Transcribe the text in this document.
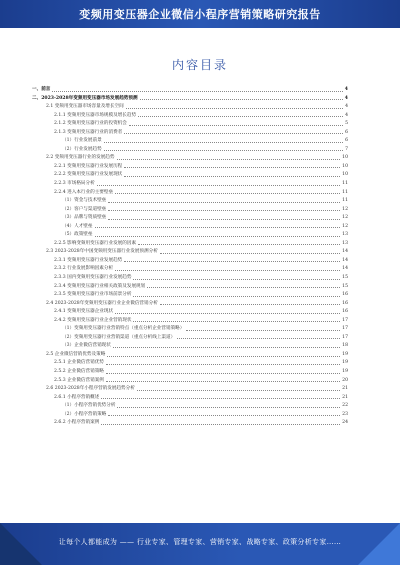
变频用变压器企业微信小程序营销策略研究报告
内容目录
一、前言	4
二、2023-2028年变频用变压器市场发展趋势预测	4
2.1 变频用变压器市场容量及增长空间	4
2.1.1 变频用变压器市场规模及增长趋势	4
2.1.2 变频用变压器行业的投资机会	5
2.1.3 变频用变压器行业的消费者	6
（1）行业发展前景	6
（2）行业发展趋势	7
2.2 变频用变压器行业的发展趋势	10
2.2.1 变频用变压器行业发展历程	10
2.2.2 变频用变压器行业发展现状	10
2.2.3 市场格局分析	11
2.2.4 进入本行业的主要壁垒	11
（1）资金与技术壁垒	11
（2）客户与渠道壁垒	12
（3）品牌与资质壁垒	12
（4）人才壁垒	12
（5）政策壁垒	13
2.2.5 影响变频用变压器行业发展的因素	13
2.3 2023-2028年中国变频用变压器行业发展预测分析	14
2.3.1 变频用变压器行业发展趋势	14
2.3.2 行业发展影响因素分析	14
2.3.3 国内变频用变压器行业发展趋势	15
2.3.4 变频用变压器行业相关政策及发展规划	15
2.3.5 变频用变压器行业市场前景分析	16
2.4 2023-2028年变频用变压器行业企业微信营销分析	16
2.4.1 变频用变压器企业现状	16
2.4.2 变频用变压器行业企业营销现状	17
（1）变频用变压器行业营销特点（重点分析企业营销策略）	17
（2）变频用变压器行业营销渠道（重点分析线上渠道）	17
（3）企业微信营销现状	18
2.5 企业微信营销优势及策略	19
2.5.1 企业微信营销优势	19
2.5.2 企业微信营销策略	19
2.5.3 企业微信营销案例	20
2.6 2023-2028年小程序营销发展趋势分析	21
2.6.1 小程序营销概述	21
（1）小程序营销优势分析	22
（2）小程序营销策略	23
2.6.2 小程序营销案例	24
让每个人都能成为 —— 行业专家、管理专家、营销专家、战略专家、政策分析专家……
